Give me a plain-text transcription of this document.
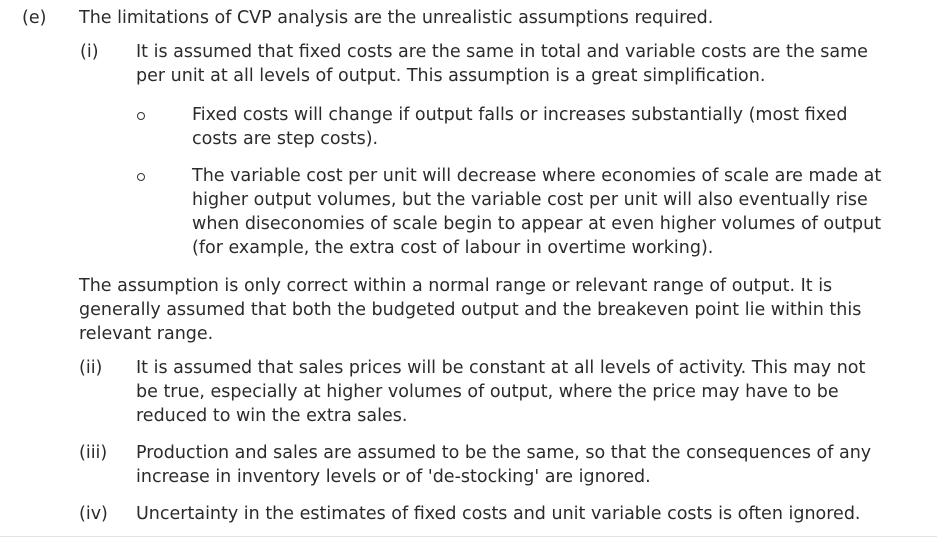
(e) The limitations of CVP analysis are the unrealistic assumptions required.
(i) It is assumed that fixed costs are the same in total and variable costs are the same per unit at all levels of output. This assumption is a great simplification.
Fixed costs will change if output falls or increases substantially (most fixed costs are step costs).
The variable cost per unit will decrease where economies of scale are made at higher output volumes, but the variable cost per unit will also eventually rise when diseconomies of scale begin to appear at even higher volumes of output (for example, the extra cost of labour in overtime working).
The assumption is only correct within a normal range or relevant range of output. It is generally assumed that both the budgeted output and the breakeven point lie within this relevant range.
(ii) It is assumed that sales prices will be constant at all levels of activity. This may not be true, especially at higher volumes of output, where the price may have to be reduced to win the extra sales.
(iii) Production and sales are assumed to be the same, so that the consequences of any increase in inventory levels or of 'de-stocking' are ignored.
(iv) Uncertainty in the estimates of fixed costs and unit variable costs is often ignored.
